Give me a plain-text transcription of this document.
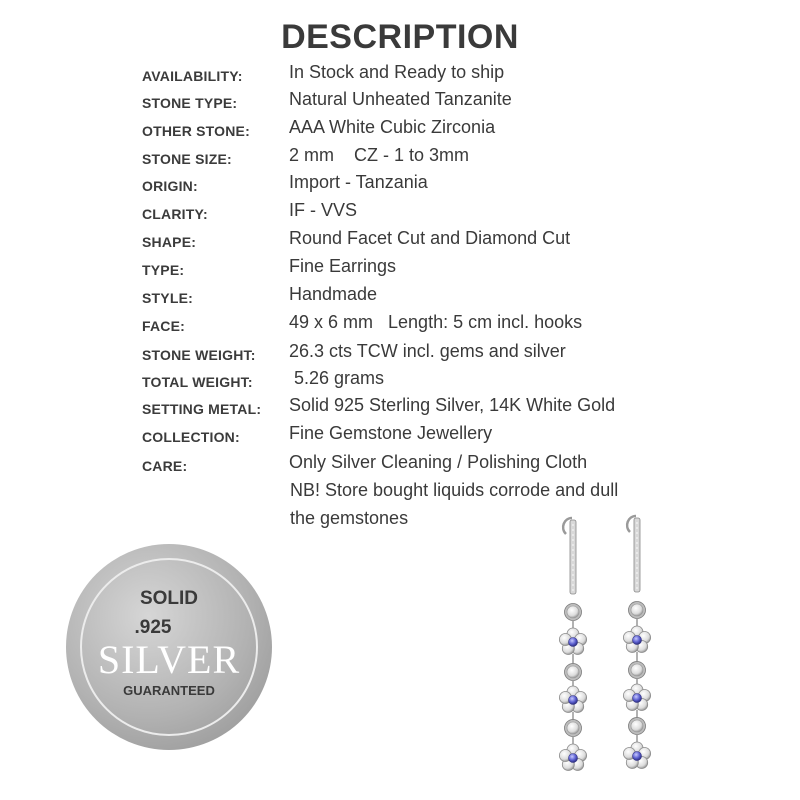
DESCRIPTION
AVAILABILITY:	In Stock and Ready to ship
STONE TYPE:	Natural Unheated Tanzanite
OTHER STONE: AAA White Cubic Zirconia
STONE SIZE:	2 mm    CZ - 1 to 3mm
ORIGIN:	Import - Tanzania
CLARITY:	IF - VVS
SHAPE:	Round Facet Cut and Diamond Cut
TYPE:	Fine Earrings
STYLE:	Handmade
FACE:	49 x 6 mm   Length: 5 cm incl. hooks
STONE WEIGHT: 26.3 cts TCW incl. gems and silver
TOTAL WEIGHT: 5.26 grams
SETTING METAL: Solid 925 Sterling Silver, 14K White Gold
COLLECTION:	Fine Gemstone Jewellery
CARE:	Only Silver Cleaning / Polishing Cloth
NB! Store bought liquids corrode and dull
the gemstones
SOLID
.925
SILVER
GUARANTEED
